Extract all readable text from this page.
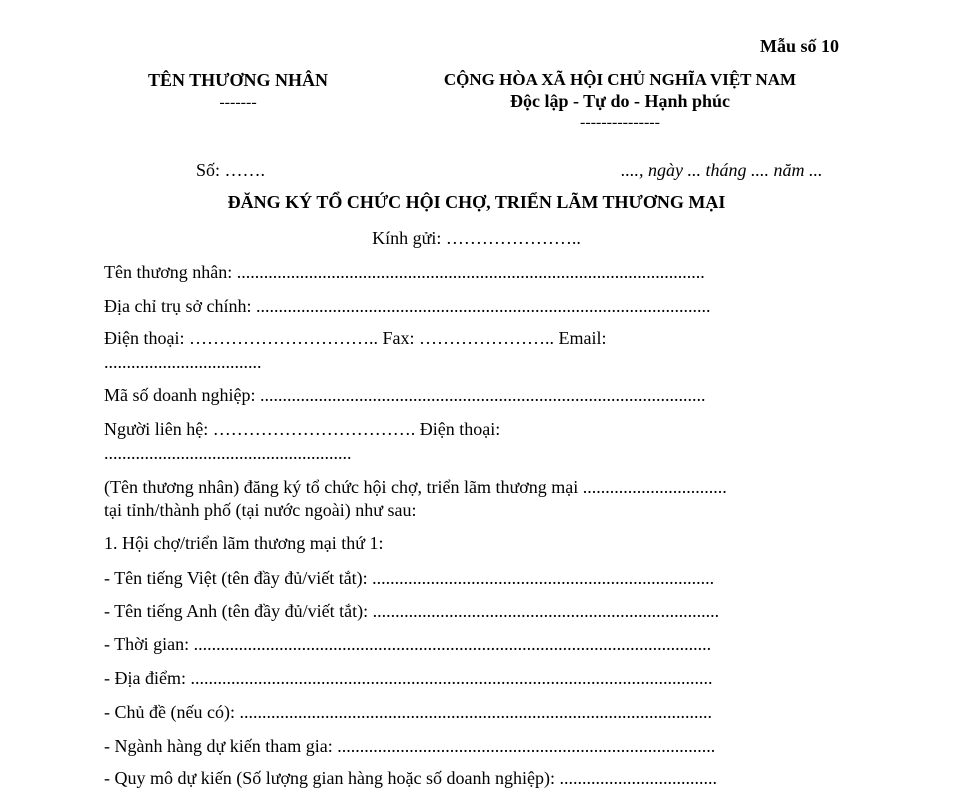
Mẫu số 10
TÊN THƯƠNG NHÂN
-------
CỘNG HÒA XÃ HỘI CHỦ NGHĨA VIỆT NAM
Độc lập - Tự do - Hạnh phúc
---------------
Số: …….	...., ngày ... tháng .... năm ...
ĐĂNG KÝ TỔ CHỨC HỘI CHỢ, TRIỂN LÃM THƯƠNG MẠI
Kính gửi: …………………..
Tên thương nhân: ........................................................................................................
Địa chỉ trụ sở chính: .....................................................................................................
Điện thoại: ………………………….. Fax: ………………….. Email:
...................................
Mã số doanh nghiệp: ...................................................................................................
Người liên hệ: ……………………………. Điện thoại:
.......................................................
(Tên thương nhân) đăng ký tổ chức hội chợ, triển lãm thương mại ................................
tại tỉnh/thành phố (tại nước ngoài) như sau:
1. Hội chợ/triển lãm thương mại thứ 1:
- Tên tiếng Việt (tên đầy đủ/viết tắt): ............................................................................
- Tên tiếng Anh (tên đầy đủ/viết tắt): .............................................................................
- Thời gian: ...................................................................................................................
- Địa điểm: ....................................................................................................................
- Chủ đề (nếu có): .........................................................................................................
- Ngành hàng dự kiến tham gia: ....................................................................................
- Quy mô dự kiến (Số lượng gian hàng hoặc số doanh nghiệp): ...................................
